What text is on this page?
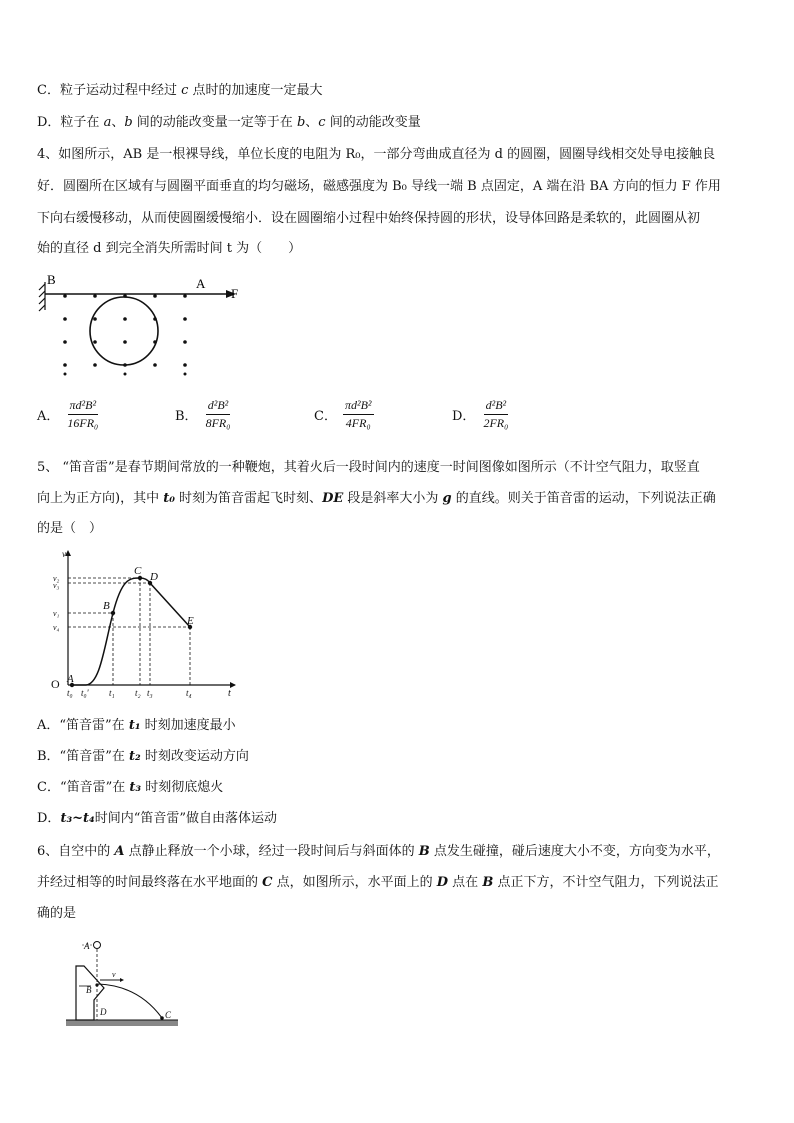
C．粒子运动过程中经过 c 点时的加速度一定最大
D．粒子在 a、b 间的动能改变量一定等于在 b、c 间的动能改变量
4、如图所示，AB 是一根裸导线，单位长度的电阻为 R₀，一部分弯曲成直径为 d 的圆圈，圆圈导线相交处导电接触良
好．圆圈所在区域有与圆圈平面垂直的均匀磁场，磁感强度为 B₀ 导线一端 B 点固定，A 端在沿 BA 方向的恒力 F 作用
下向右缓慢移动，从而使圆圈缓慢缩小．设在圆圈缩小过程中始终保持圆的形状，设导体回路是柔软的，此圆圈从初
始的直径 d 到完全消失所需时间 t 为（　　）
B	A
F
A． $\frac{\text{πd²B²}}{\text{16FR₀}}$	B． $\frac{\text{d²B²}}{\text{8FR₀}}$	C． $\frac{\text{πd²B²}}{\text{4FR₀}}$	D． $\frac{\text{d²B²}}{\text{2FR₀}}$
5、 “笛音雷”是春节期间常放的一种鞭炮，其着火后一段时间内的速度一时间图像如图所示（不计空气阻力，取竖直
向上为正方向)，其中 t₀ 时刻为笛音雷起飞时刻、DE 段是斜率大小为 g 的直线。则关于笛音雷的运动，下列说法正确
的是（　）
v
t
O A
B
C D
E
v₂
v₃
v₁
v₄
t₀ t₀' t₁ t₂ t₃	t₄
A．“笛音雷”在 t₁ 时刻加速度最小
B．“笛音雷”在 t₂ 时刻改变运动方向
C．“笛音雷”在 t₃ 时刻彻底熄火
D．t₃~t₄时间内“笛音雷”做自由落体运动
6、自空中的 A 点静止释放一个小球，经过一段时间后与斜面体的 B 点发生碰撞，碰后速度大小不变，方向变为水平，
并经过相等的时间最终落在水平地面的 C 点，如图所示，水平面上的 D 点在 B 点正下方，不计空气阻力，下列说法正
确的是
A
v
B
D	C
